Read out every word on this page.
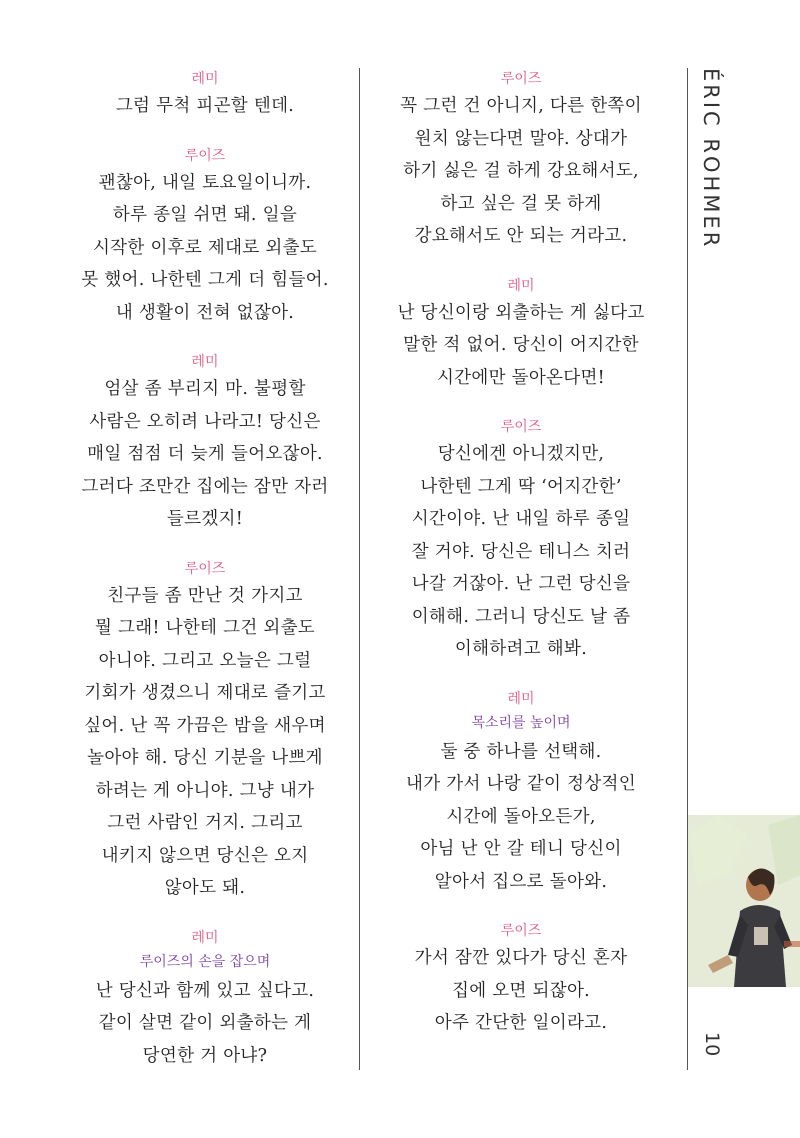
레미

그럼 무척 피곤할 텐데.

루이즈

괜찮아, 내일 토요일이니까.

하루 종일 쉬면 돼. 일을

시작한 이후로 제대로 외출도

못 했어. 나한텐 그게 더 힘들어.

내 생활이 전혀 없잖아.

레미

엄살 좀 부리지 마. 불평할

사람은 오히려 나라고! 당신은

매일 점점 더 늦게 들어오잖아.

그러다 조만간 집에는 잠만 자러

들르겠지!

루이즈

친구들 좀 만난 것 가지고

뭘 그래! 나한테 그건 외출도

아니야. 그리고 오늘은 그럴

기회가 생겼으니 제대로 즐기고

싶어. 난 꼭 가끔은 밤을 새우며

놀아야 해. 당신 기분을 나쁘게

하려는 게 아니야. 그냥 내가

그런 사람인 거지. 그리고

내키지 않으면 당신은 오지

않아도 돼.

레미

루이즈의 손을 잡으며

난 당신과 함께 있고 싶다고.

같이 살면 같이 외출하는 게

당연한 거 아냐?

루이즈

꼭 그런 건 아니지, 다른 한쪽이

원치 않는다면 말야. 상대가

하기 싫은 걸 하게 강요해서도,

하고 싶은 걸 못 하게

강요해서도 안 되는 거라고.

레미

난 당신이랑 외출하는 게 싫다고

말한 적 없어. 당신이 어지간한

시간에만 돌아온다면!

루이즈

당신에겐 아니겠지만,

나한텐 그게 딱 ‘어지간한’

시간이야. 난 내일 하루 종일

잘 거야. 당신은 테니스 치러

나갈 거잖아. 난 그런 당신을

이해해. 그러니 당신도 날 좀

이해하려고 해봐.

레미

목소리를 높이며

둘 중 하나를 선택해.

내가 가서 나랑 같이 정상적인

시간에 돌아오든가,

아님 난 안 갈 테니 당신이

알아서 집으로 돌아와.

루이즈

가서 잠깐 있다가 당신 혼자

집에 오면 되잖아.

아주 간단한 일이라고.

ÉRIC ROHMER
10
